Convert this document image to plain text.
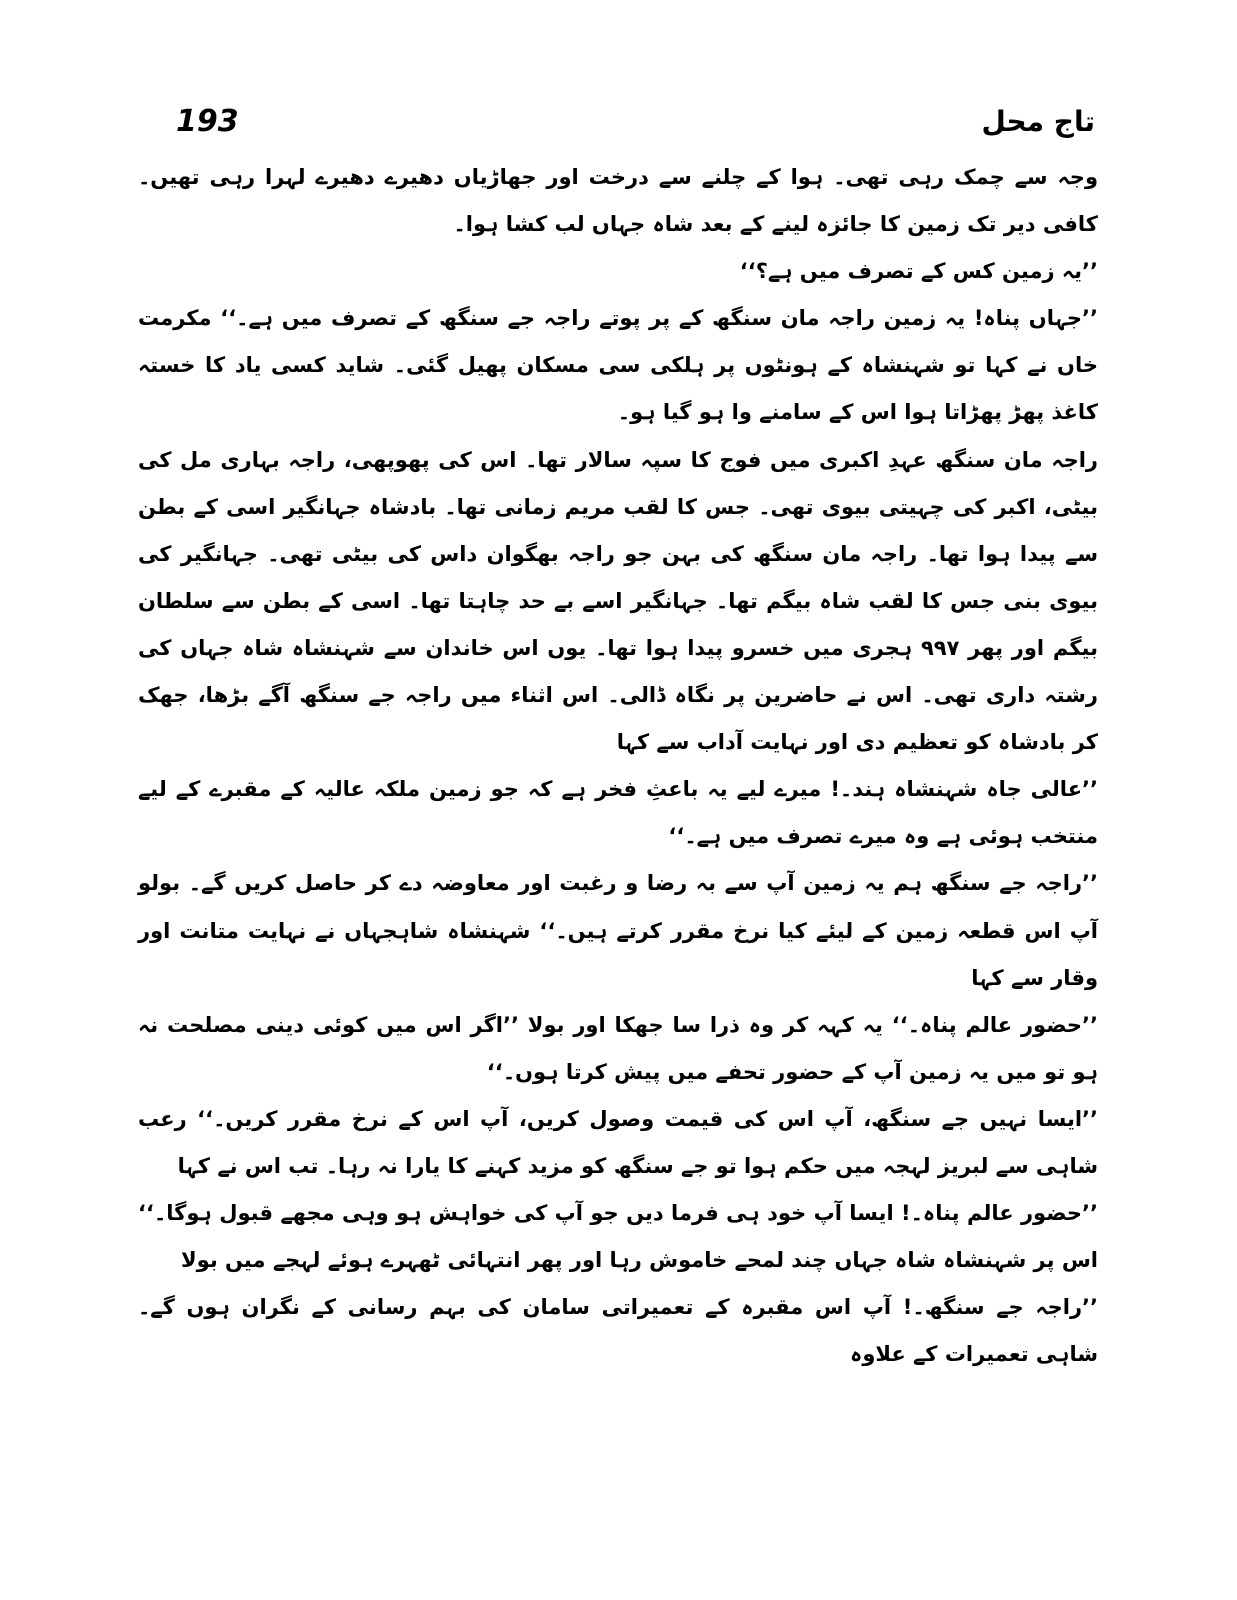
تاج محل
193

وجہ سے چمک رہی تھی۔ ہوا کے چلنے سے درخت اور جھاڑیاں دھیرے دھیرے لہرا رہی تھیں۔ کافی دیر تک زمین کا جائزہ لینے کے بعد شاہ جہاں لب کشا ہوا۔

’’یہ زمین کس کے تصرف میں ہے؟‘‘

’’جہاں پناہ! یہ زمین راجہ مان سنگھ کے پر پوتے راجہ جے سنگھ کے تصرف میں ہے۔‘‘ مکرمت خاں نے کہا تو شہنشاہ کے ہونٹوں پر ہلکی سی مسکان پھیل گئی۔ شاید کسی یاد کا خستہ کاغذ پھڑ پھڑاتا ہوا اس کے سامنے وا ہو گیا ہو۔

راجہ مان سنگھ عہدِ اکبری میں فوج کا سپہ سالار تھا۔ اس کی پھوپھی، راجہ بہاری مل کی بیٹی، اکبر کی چہیتی بیوی تھی۔ جس کا لقب مریم زمانی تھا۔ بادشاہ جہانگیر اسی کے بطن سے پیدا ہوا تھا۔ راجہ مان سنگھ کی بہن جو راجہ بھگوان داس کی بیٹی تھی۔ جہانگیر کی بیوی بنی جس کا لقب شاہ بیگم تھا۔ جہانگیر اسے بے حد چاہتا تھا۔ اسی کے بطن سے سلطان بیگم اور پھر ۹۹۷ ہجری میں خسرو پیدا ہوا تھا۔ یوں اس خاندان سے شہنشاہ شاہ جہاں کی رشتہ داری تھی۔ اس نے حاضرین پر نگاہ ڈالی۔ اس اثناء میں راجہ جے سنگھ آگے بڑھا، جھک کر بادشاہ کو تعظیم دی اور نہایت آداب سے کہا

’’عالی جاہ شہنشاہ ہند۔! میرے لیے یہ باعثِ فخر ہے کہ جو زمین ملکہ عالیہ کے مقبرے کے لیے منتخب ہوئی ہے وہ میرے تصرف میں ہے۔‘‘

’’راجہ جے سنگھ ہم یہ زمین آپ سے بہ رضا و رغبت اور معاوضہ دے کر حاصل کریں گے۔ بولو آپ اس قطعہ زمین کے لیئے کیا نرخ مقرر کرتے ہیں۔‘‘ شہنشاہ شاہجہاں نے نہایت متانت اور وقار سے کہا

’’حضور عالم پناہ۔‘‘ یہ کہہ کر وہ ذرا سا جھکا اور بولا ’’اگر اس میں کوئی دینی مصلحت نہ ہو تو میں یہ زمین آپ کے حضور تحفے میں پیش کرتا ہوں۔‘‘

’’ایسا نہیں جے سنگھ، آپ اس کی قیمت وصول کریں، آپ اس کے نرخ مقرر کریں۔‘‘ رعب شاہی سے لبریز لہجہ میں حکم ہوا تو جے سنگھ کو مزید کہنے کا یارا نہ رہا۔ تب اس نے کہا

’’حضور عالم پناہ۔! ایسا آپ خود ہی فرما دیں جو آپ کی خواہش ہو وہی مجھے قبول ہوگا۔‘‘ اس پر شہنشاہ شاہ جہاں چند لمحے خاموش رہا اور پھر انتہائی ٹھہرے ہوئے لہجے میں بولا

’’راجہ جے سنگھ۔! آپ اس مقبرہ کے تعمیراتی سامان کی بہم رسانی کے نگران ہوں گے۔ شاہی تعمیرات کے علاوہ
